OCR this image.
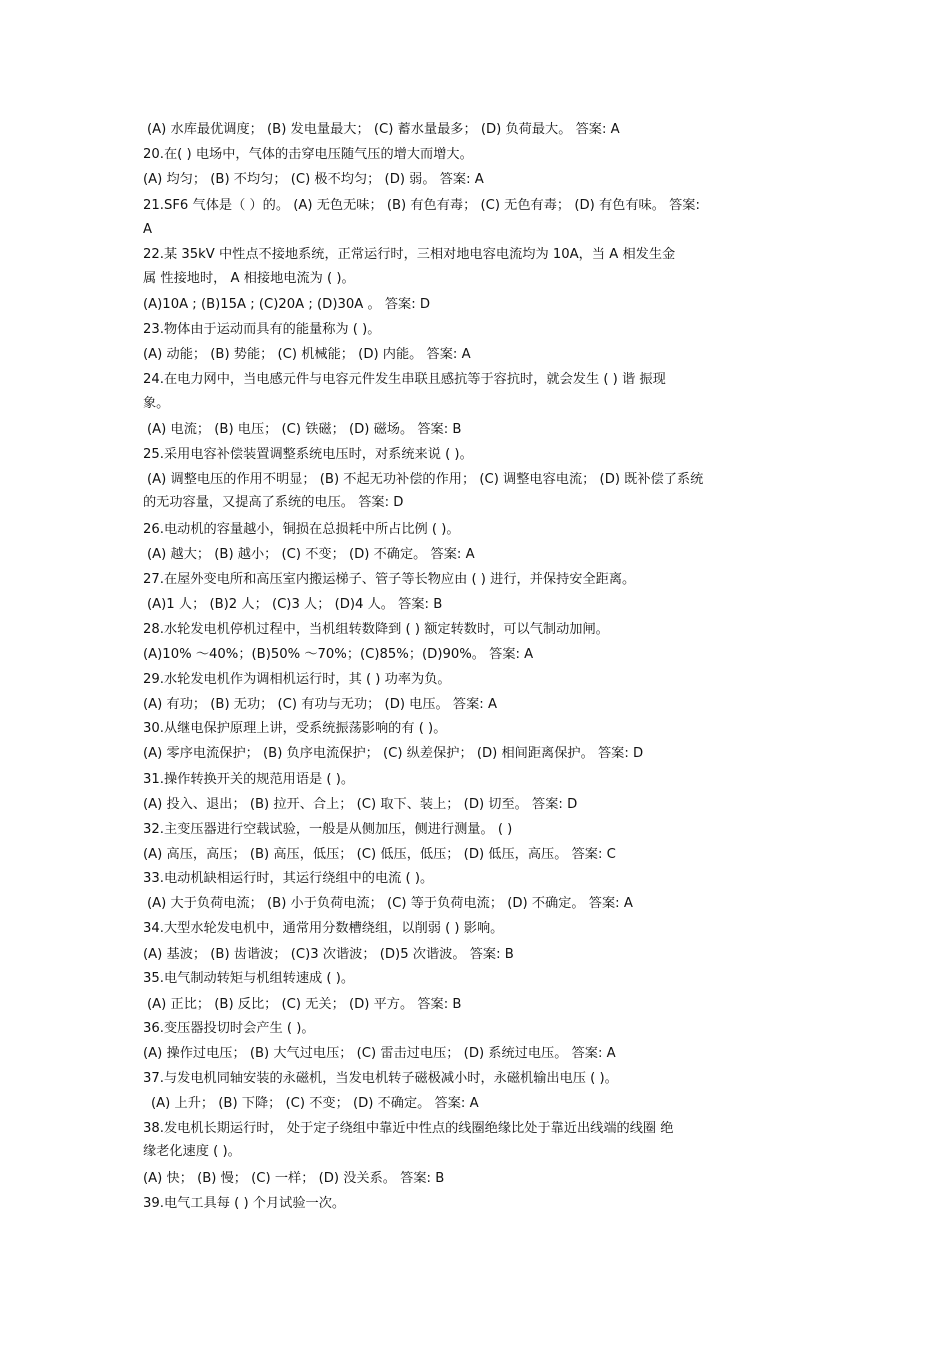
(A) 水库最优调度； (B) 发电量最大； (C) 蓄水量最多； (D) 负荷最大。 答案: A
20.在( ) 电场中，气体的击穿电压随气压的增大而增大。
(A) 均匀； (B) 不均匀； (C) 极不均匀； (D) 弱。 答案: A
21.SF6 气体是（ ）的。 (A) 无色无味； (B) 有色有毒； (C) 无色有毒； (D) 有色有味。 答案:
A
22.某 35kV 中性点不接地系统，正常运行时，三相对地电容电流均为 10A，当 A 相发生金
属 性接地时， A 相接地电流为 ( )。
(A)10A ; (B)15A ; (C)20A ; (D)30A 。 答案: D
23.物体由于运动而具有的能量称为 ( )。
(A) 动能； (B) 势能； (C) 机械能； (D) 内能。 答案: A
24.在电力网中，当电感元件与电容元件发生串联且感抗等于容抗时，就会发生 ( ) 谐 振现
象。
(A) 电流； (B) 电压； (C) 铁磁； (D) 磁场。 答案: B
25.采用电容补偿装置调整系统电压时，对系统来说 ( )。
(A) 调整电压的作用不明显； (B) 不起无功补偿的作用； (C) 调整电容电流； (D) 既补偿了系统
的无功容量，又提高了系统的电压。 答案: D
26.电动机的容量越小，铜损在总损耗中所占比例 ( )。
(A) 越大； (B) 越小； (C) 不变； (D) 不确定。 答案: A
27.在屋外变电所和高压室内搬运梯子、管子等长物应由 ( ) 进行，并保持安全距离。
(A)1 人； (B)2 人； (C)3 人； (D)4 人。 答案: B
28.水轮发电机停机过程中，当机组转数降到 ( ) 额定转数时，可以气制动加闸。
(A)10% ～40%；(B)50% ～70%；(C)85%；(D)90%。 答案: A
29.水轮发电机作为调相机运行时，其 ( ) 功率为负。
(A) 有功； (B) 无功； (C) 有功与无功； (D) 电压。 答案: A
30.从继电保护原理上讲，受系统振荡影响的有 ( )。
(A) 零序电流保护； (B) 负序电流保护； (C) 纵差保护； (D) 相间距离保护。 答案: D
31.操作转换开关的规范用语是 ( )。
(A) 投入、退出； (B) 拉开、合上； (C) 取下、装上； (D) 切至。 答案: D
32.主变压器进行空载试验，一般是从侧加压，侧进行测量。 ( )
(A) 高压，高压； (B) 高压，低压； (C) 低压，低压； (D) 低压，高压。 答案: C
33.电动机缺相运行时，其运行绕组中的电流 ( )。
(A) 大于负荷电流； (B) 小于负荷电流； (C) 等于负荷电流； (D) 不确定。 答案: A
34.大型水轮发电机中，通常用分数槽绕组，以削弱 ( ) 影响。
(A) 基波； (B) 齿谐波； (C)3 次谐波； (D)5 次谐波。 答案: B
35.电气制动转矩与机组转速成 ( )。
(A) 正比； (B) 反比； (C) 无关； (D) 平方。 答案: B
36.变压器投切时会产生 ( )。
(A) 操作过电压； (B) 大气过电压； (C) 雷击过电压； (D) 系统过电压。 答案: A
37.与发电机同轴安装的永磁机，当发电机转子磁极减小时，永磁机输出电压 ( )。
(A) 上升； (B) 下降； (C) 不变； (D) 不确定。 答案: A
38.发电机长期运行时， 处于定子绕组中靠近中性点的线圈绝缘比处于靠近出线端的线圈 绝
缘老化速度 ( )。
(A) 快； (B) 慢； (C) 一样； (D) 没关系。 答案: B
39.电气工具每 ( ) 个月试验一次。
